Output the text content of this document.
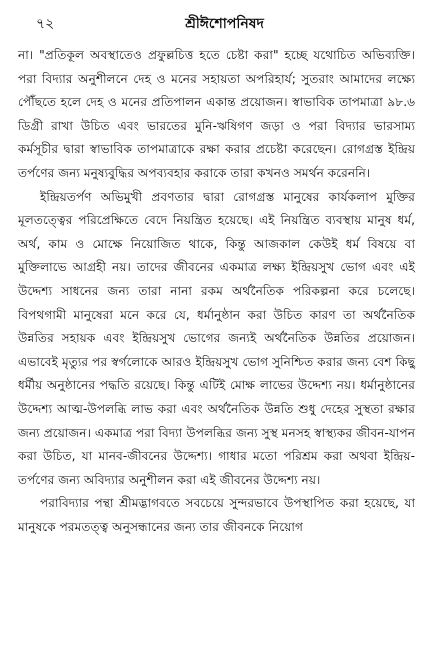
৭২	শ্রীঈশোপনিষদ

না। "প্রতিকূল অবস্থাতেও প্রফুল্লচিত্ত হতে চেষ্টা করা" হচ্ছে যথোচিত অভিব্যক্তি। পরা বিদ্যার অনুশীলনে দেহ ও মনের সহায়তা অপরিহার্য; সুতরাং আমাদের লক্ষ্যে পৌঁছতে হলে দেহ ও মনের প্রতিপালন একান্ত প্রয়োজন। স্বাভাবিক তাপমাত্রা ৯৮.৬ ডিগ্রী রাখা উচিত এবং ভারতের মুনি-ঋষিগণ জড়া ও পরা বিদ্যার ভারসাম্য কর্মসূচীর দ্বারা স্বাভাবিক তাপমাত্রাকে রক্ষা করার প্রচেষ্টা করেছেন। রোগগ্রস্ত ইন্দ্রিয় তর্পণের জন্য মনুষ্যবুদ্ধির অপব্যবহার করাকে তারা কখনও সমর্থন করেননি।

ইন্দ্রিয়তর্পণ অভিমুখী প্রবণতার দ্বারা রোগগ্রস্ত মানুষের কার্যকলাপ মুক্তির মূলতত্ত্বের পরিপ্রেক্ষিতে বেদে নিয়ন্ত্রিত হয়েছে। এই নিয়ন্ত্রিত ব্যবস্থায় মানুষ ধর্ম, অর্থ, কাম ও মোক্ষে নিয়োজিত থাকে, কিন্তু আজকাল কেউই ধর্ম বিষয়ে বা মুক্তিলাভে আগ্রহী নয়। তাদের জীবনের একমাত্র লক্ষ্য ইন্দ্রিয়সুখ ভোগ এবং এই উদ্দেশ্য সাধনের জন্য তারা নানা রকম অর্থনৈতিক পরিকল্পনা করে চলেছে। বিপথগামী মানুষেরা মনে করে যে, ধর্মানুষ্ঠান করা উচিত কারণ তা অর্থনৈতিক উন্নতির সহায়ক এবং ইন্দ্রিয়সুখ ভোগের জন্যই অর্থনৈতিক উন্নতির প্রয়োজন। এভাবেই মৃত্যুর পর স্বর্গলোকে আরও ইন্দ্রিয়সুখ ভোগ সুনিশ্চিত করার জন্য বেশ কিছু ধর্মীয় অনুষ্ঠানের পদ্ধতি রয়েছে। কিন্তু এটিই মোক্ষ লাভের উদ্দেশ্য নয়। ধর্মানুষ্ঠানের উদ্দেশ্য আত্ম-উপলব্ধি লাভ করা এবং অর্থনৈতিক উন্নতি শুধু দেহের সুস্থতা রক্ষার জন্য প্রয়োজন। একমাত্র পরা বিদ্যা উপলব্ধির জন্য সুস্থ মনসহ স্বাস্থ্যকর জীবন-যাপন করা উচিত, যা মানব-জীবনের উদ্দেশ্য। গাধার মতো পরিশ্রম করা অথবা ইন্দ্রিয়-তর্পণের জন্য অবিদ্যার অনুশীলন করা এই জীবনের উদ্দেশ্য নয়।

পরাবিদ্যার পন্থা শ্রীমদ্ভাগবতে সবচেয়ে সুন্দরভাবে উপস্থাপিত করা হয়েছে, যা মানুষকে পরমতত্ত্ব অনুসন্ধানের জন্য তার জীবনকে নিয়োগ
